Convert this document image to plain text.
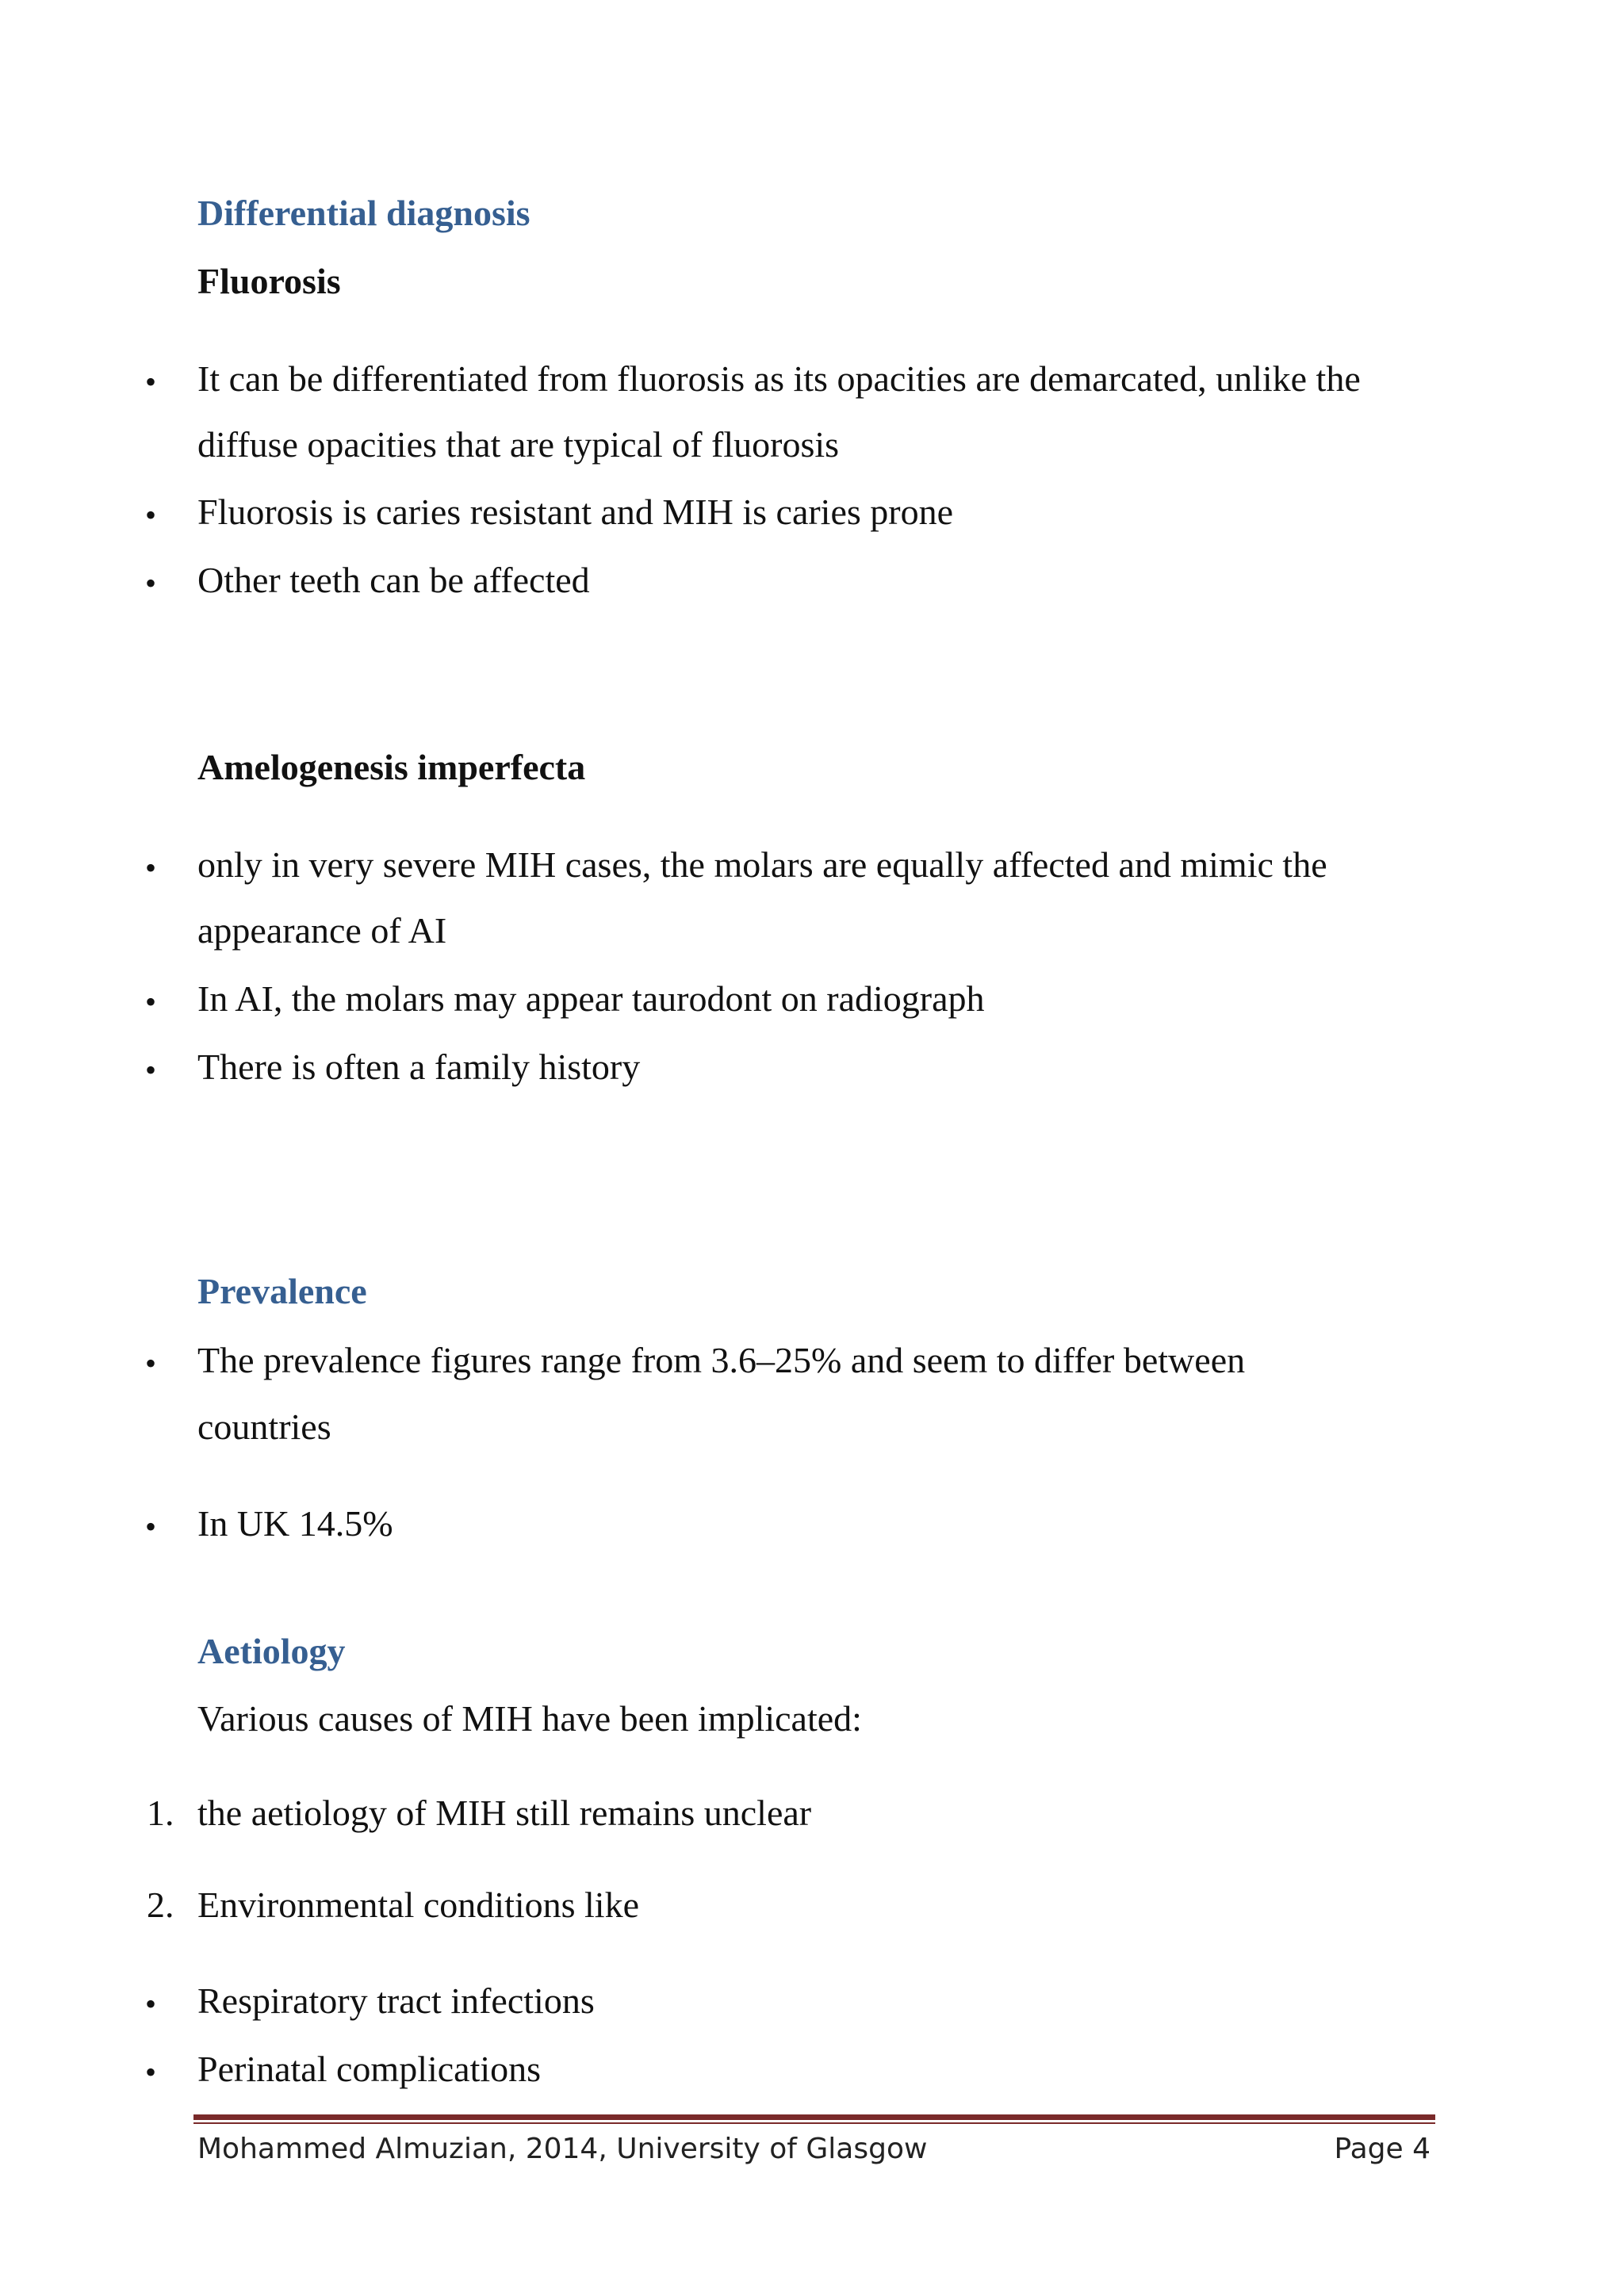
Differential diagnosis
Fluorosis
• It can be differentiated from fluorosis as its opacities are demarcated, unlike the
diffuse opacities that are typical of fluorosis
• Fluorosis is caries resistant and MIH is caries prone
• Other teeth can be affected
Amelogenesis imperfecta
• only in very severe MIH cases, the molars are equally affected and mimic the
appearance of AI
• In AI, the molars may appear taurodont on radiograph
• There is often a family history
Prevalence
• The prevalence figures range from 3.6–25% and seem to differ between
countries
• In UK 14.5%
Aetiology
Various causes of MIH have been implicated:
1. the aetiology of MIH still remains unclear
2. Environmental conditions like
• Respiratory tract infections
• Perinatal complications
Mohammed Almuzian, 2014, University of Glasgow	Page 4
